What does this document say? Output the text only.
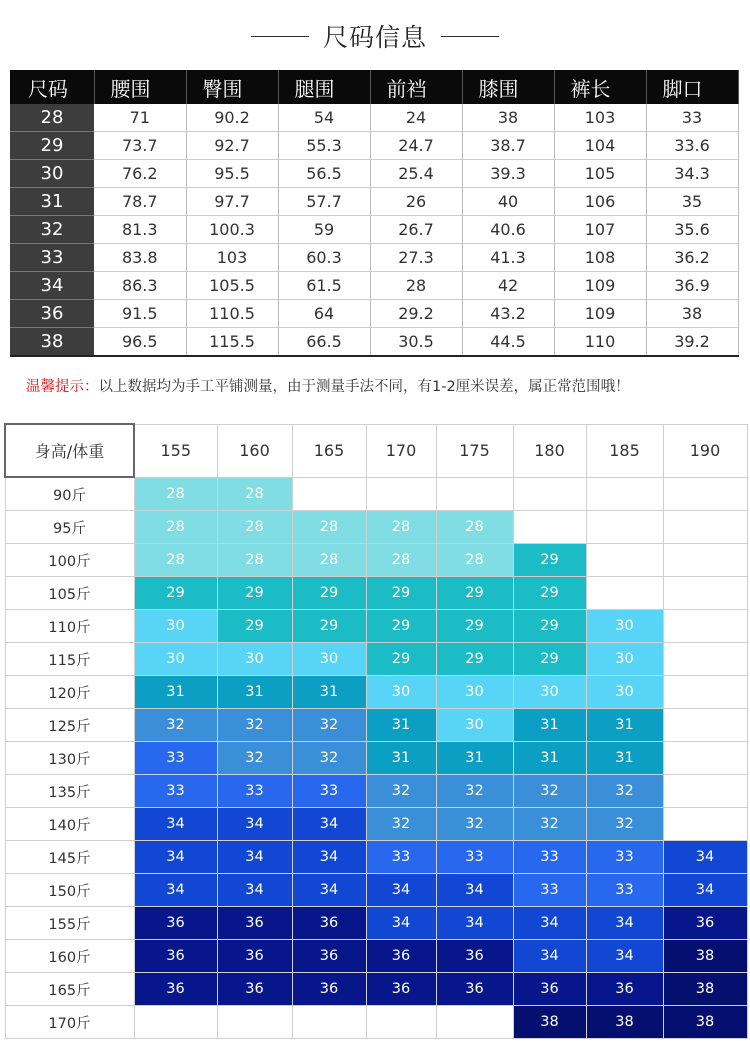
尺码信息
尺码	腰围	臀围	腿围	前裆	膝围	裤长	脚口
28	71	90.2	54	24	38	103	33
29	73.7	92.7	55.3	24.7	38.7	104	33.6
30	76.2	95.5	56.5	25.4	39.3	105	34.3
31	78.7	97.7	57.7	26	40	106	35
32	81.3	100.3	59	26.7	40.6	107	35.6
33	83.8	103	60.3	27.3	41.3	108	36.2
34	86.3	105.5	61.5	28	42	109	36.9
36	91.5	110.5	64	29.2	43.2	109	38
38	96.5	115.5	66.5	30.5	44.5	110	39.2
温馨提示：以上数据均为手工平铺测量，由于测量手法不同，有1-2厘米误差，属正常范围哦！
身高/体重	155	160	165	170	175	180	185	190
90斤	28	28						
95斤	28	28	28	28	28			
100斤	28	28	28	28	28	29		
105斤	29	29	29	29	29	29		
110斤	30	29	29	29	29	29	30	
115斤	30	30	30	29	29	29	30	
120斤	31	31	31	30	30	30	30	
125斤	32	32	32	31	30	31	31	
130斤	33	32	32	31	31	31	31	
135斤	33	33	33	32	32	32	32	
140斤	34	34	34	32	32	32	32	
145斤	34	34	34	33	33	33	33	34
150斤	34	34	34	34	34	33	33	34
155斤	36	36	36	34	34	34	34	36
160斤	36	36	36	36	36	34	34	38
165斤	36	36	36	36	36	36	36	38
170斤						38	38	38
